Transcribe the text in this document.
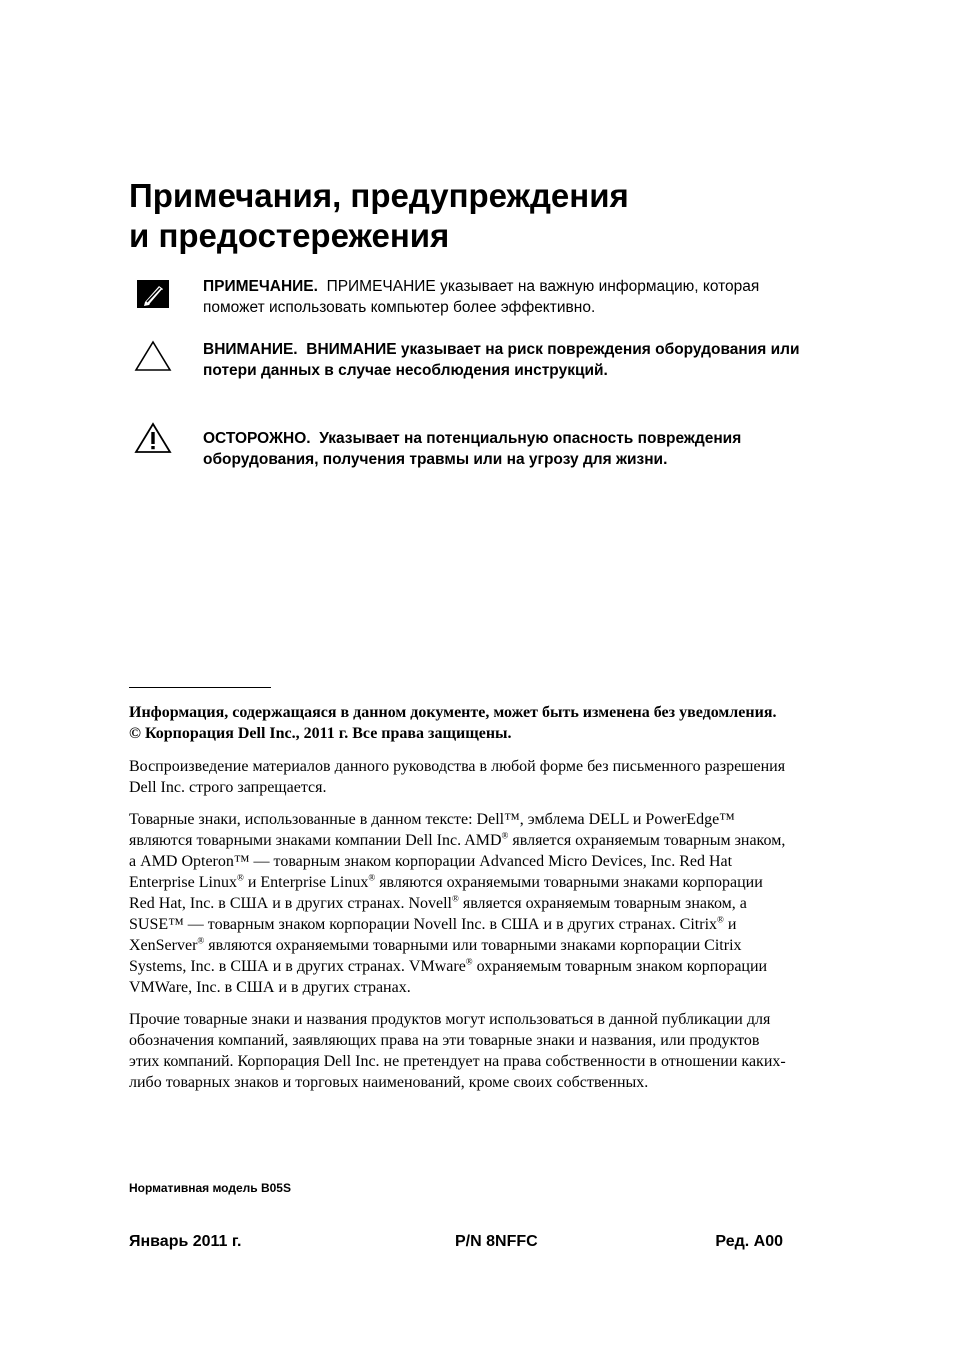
Примечания, предупреждения
и предостережения
ПРИМЕЧАНИЕ. ПРИМЕЧАНИЕ указывает на важную информацию, которая поможет использовать компьютер более эффективно.
ВНИМАНИЕ. ВНИМАНИЕ указывает на риск повреждения оборудования или потери данных в случае несоблюдения инструкций.
ОСТОРОЖНО. Указывает на потенциальную опасность повреждения оборудования, получения травмы или на угрозу для жизни.

Информация, содержащаяся в данном документе, может быть изменена без уведомления.
© Корпорация Dell Inc., 2011 г. Все права защищены.

Воспроизведение материалов данного руководства в любой форме без письменного разрешения Dell Inc. строго запрещается.

Товарные знаки, использованные в данном тексте: Dell™, эмблема DELL и PowerEdge™ являются товарными знаками компании Dell Inc. AMD® является охраняемым товарным знаком, а AMD Opteron™ — товарным знаком корпорации Advanced Micro Devices, Inc. Red Hat Enterprise Linux® и Enterprise Linux® являются охраняемыми товарными знаками корпорации Red Hat, Inc. в США и в других странах. Novell® является охраняемым товарным знаком, а SUSE™ — товарным знаком корпорации Novell Inc. в США и в других странах. Citrix® и XenServer® являются охраняемыми товарными или товарными знаками корпорации Citrix Systems, Inc. в США и в других странах. VMware® охраняемым товарным знаком корпорации VMWare, Inc. в США и в других странах.

Прочие товарные знаки и названия продуктов могут использоваться в данной публикации для обозначения компаний, заявляющих права на эти товарные знаки и названия, или продуктов этих компаний. Корпорация Dell Inc. не претендует на права собственности в отношении каких-либо товарных знаков и торговых наименований, кроме своих собственных.

Нормативная модель B05S
Январь 2011 г.	P/N 8NFFC	Ред. A00
